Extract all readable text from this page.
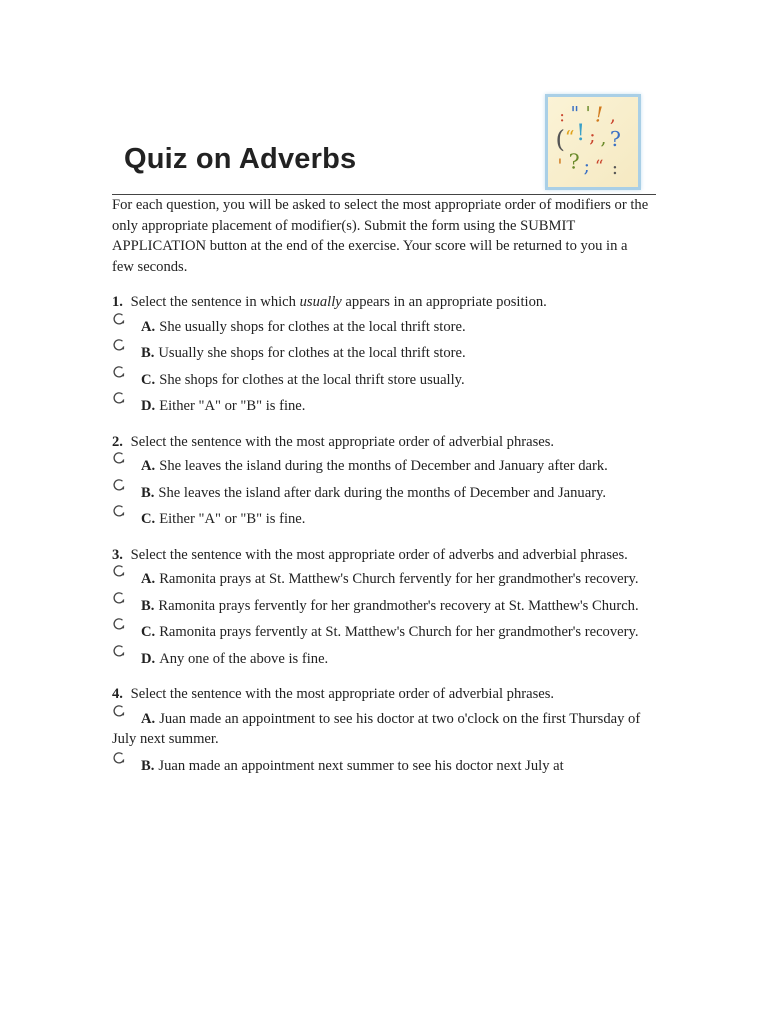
Quiz on Adverbs
: " ' ! ,
( “ ! ; , ?
' ? ; “ :

For each question, you will be asked to select the most appropriate order of modifiers or the only appropriate placement of modifier(s). Submit the form using the SUBMIT APPLICATION button at the end of the exercise. Your score will be returned to you in a few seconds.

1. Select the sentence in which usually appears in an appropriate position.

A. She usually shops for clothes at the local thrift store.
B. Usually she shops for clothes at the local thrift store.
C. She shops for clothes at the local thrift store usually.
D. Either "A" or "B" is fine.

2. Select the sentence with the most appropriate order of adverbial phrases.

A. She leaves the island during the months of December and January after dark.
B. She leaves the island after dark during the months of December and January.
C. Either "A" or "B" is fine.

3. Select the sentence with the most appropriate order of adverbs and adverbial phrases.

A. Ramonita prays at St. Matthew's Church fervently for her grandmother's recovery.
B. Ramonita prays fervently for her grandmother's recovery at St. Matthew's Church.
C. Ramonita prays fervently at St. Matthew's Church for her grandmother's recovery.
D. Any one of the above is fine.

4. Select the sentence with the most appropriate order of adverbial phrases.

A. Juan made an appointment to see his doctor at two o'clock on the first Thursday of July next summer.
B. Juan made an appointment next summer to see his doctor next July at
